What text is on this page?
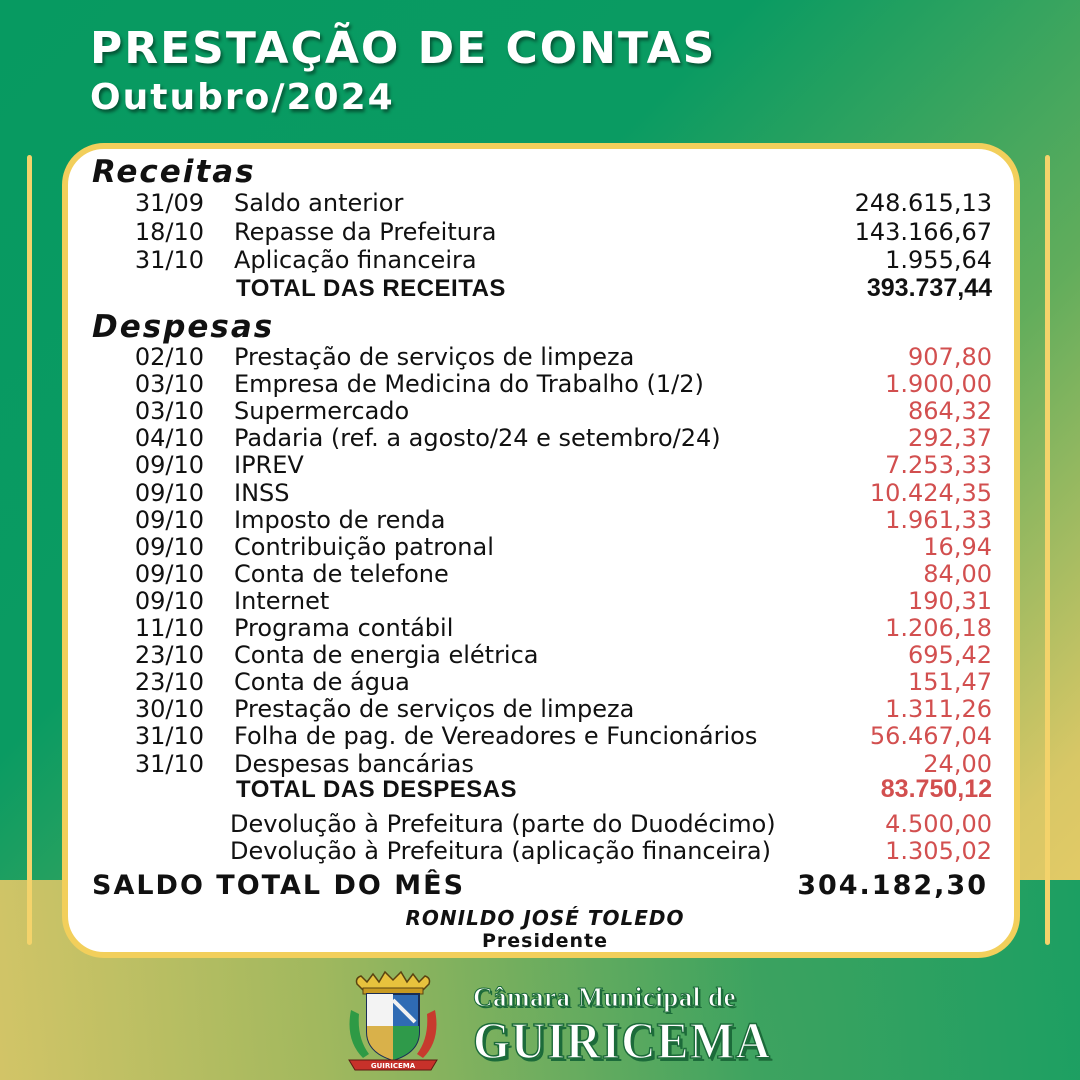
PRESTAÇÃO DE CONTAS
Outubro/2024
Receitas
31/09 Saldo anterior	248.615,13
18/10 Repasse da Prefeitura	143.166,67
31/10 Aplicação financeira	1.955,64
TOTAL DAS RECEITAS	393.737,44
Despesas
02/10 Prestação de serviços de limpeza	907,80
03/10 Empresa de Medicina do Trabalho (1/2)	1.900,00
03/10 Supermercado	864,32
04/10 Padaria (ref. a agosto/24 e setembro/24)	292,37
09/10 IPREV	7.253,33
09/10 INSS	10.424,35
09/10 Imposto de renda	1.961,33
09/10 Contribuição patronal	16,94
09/10 Conta de telefone	84,00
09/10 Internet	190,31
11/10 Programa contábil	1.206,18
23/10 Conta de energia elétrica	695,42
23/10 Conta de água	151,47
30/10 Prestação de serviços de limpeza	1.311,26
31/10 Folha de pag. de Vereadores e Funcionários	56.467,04
31/10 Despesas bancárias	24,00
TOTAL DAS DESPESAS	83.750,12
Devolução à Prefeitura (parte do Duodécimo)	4.500,00
Devolução à Prefeitura (aplicação financeira)	1.305,02
SALDO TOTAL DO MÊS	304.182,30
RONILDO JOSÉ TOLEDO
Presidente
GUIRICEMA
Câmara Municipal de
GUIRICEMA
